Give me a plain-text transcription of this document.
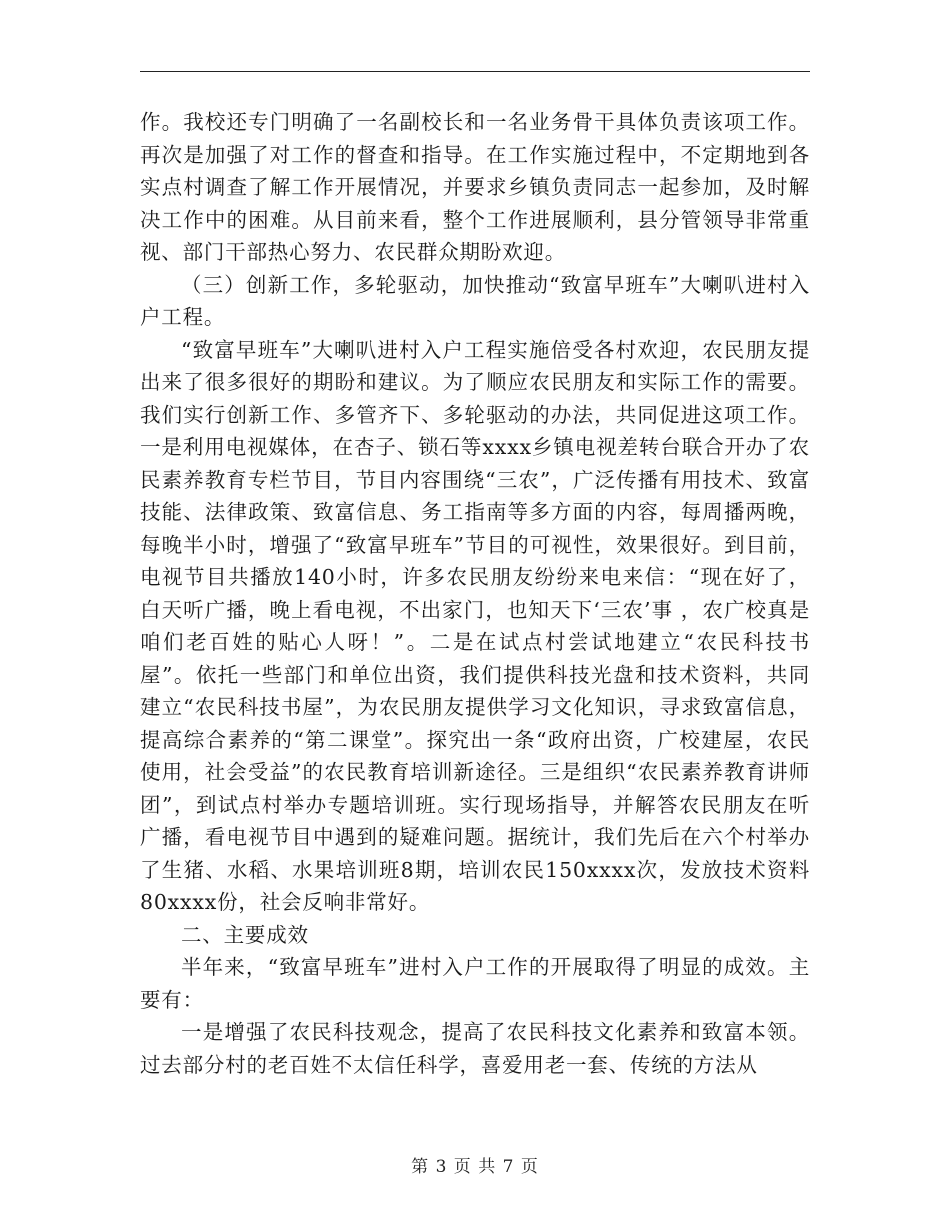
作。我校还专门明确了一名副校长和一名业务骨干具体负责该项工作。再次是加强了对工作的督查和指导。在工作实施过程中，不定期地到各实点村调查了解工作开展情况，并要求乡镇负责同志一起参加，及时解决工作中的困难。从目前来看，整个工作进展顺利，县分管领导非常重视、部门干部热心努力、农民群众期盼欢迎。

（三）创新工作，多轮驱动，加快推动“致富早班车”大喇叭进村入户工程。

“致富早班车”大喇叭进村入户工程实施倍受各村欢迎，农民朋友提出来了很多很好的期盼和建议。为了顺应农民朋友和实际工作的需要。我们实行创新工作、多管齐下、多轮驱动的办法，共同促进这项工作。一是利用电视媒体，在杏子、锁石等xxxx乡镇电视差转台联合开办了农民素养教育专栏节目，节目内容围绕“三农”，广泛传播有用技术、致富技能、法律政策、致富信息、务工指南等多方面的内容，每周播两晚，每晚半小时，增强了“致富早班车”节目的可视性，效果很好。到目前，电视节目共播放140小时，许多农民朋友纷纷来电来信：“现在好了，白天听广播，晚上看电视，不出家门，也知天下‘三农’事 ，农广校真是咱们老百姓的贴心人呀！”。二是在试点村尝试地建立“农民科技书屋”。依托一些部门和单位出资，我们提供科技光盘和技术资料，共同建立“农民科技书屋”，为农民朋友提供学习文化知识，寻求致富信息，提高综合素养的“第二课堂”。探究出一条“政府出资，广校建屋，农民使用，社会受益”的农民教育培训新途径。三是组织“农民素养教育讲师团”，到试点村举办专题培训班。实行现场指导，并解答农民朋友在听广播，看电视节目中遇到的疑难问题。据统计，我们先后在六个村举办了生猪、水稻、水果培训班8期，培训农民150xxxx次，发放技术资料80xxxx份，社会反响非常好。

二、主要成效

半年来，“致富早班车”进村入户工作的开展取得了明显的成效。主要有：

一是增强了农民科技观念，提高了农民科技文化素养和致富本领。过去部分村的老百姓不太信任科学，喜爱用老一套、传统的方法从

第 3 页 共 7 页
